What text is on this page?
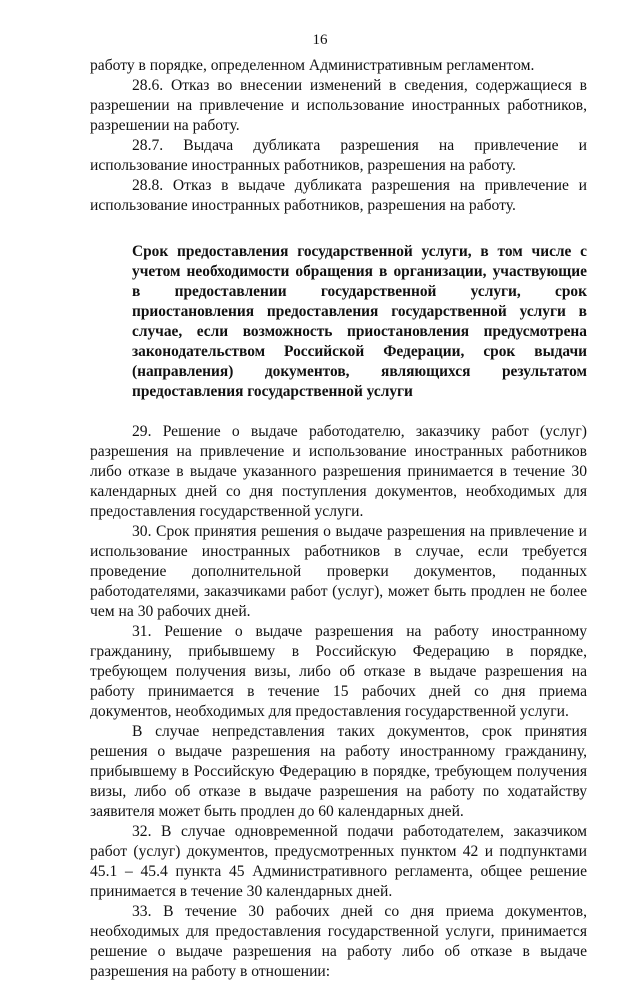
16

работу в порядке, определенном Административным регламентом.

28.6. Отказ во внесении изменений в сведения, содержащиеся в разрешении на привлечение и использование иностранных работников, разрешении на работу.

28.7. Выдача дубликата разрешения на привлечение и использование иностранных работников, разрешения на работу.

28.8. Отказ в выдаче дубликата разрешения на привлечение и использование иностранных работников, разрешения на работу.

Срок предоставления государственной услуги, в том числе с учетом необходимости обращения в организации, участвующие в предоставлении государственной услуги, срок приостановления предоставления государственной услуги в случае, если возможность приостановления предусмотрена законодательством Российской Федерации, срок выдачи (направления) документов, являющихся результатом предоставления государственной услуги

29. Решение о выдаче работодателю, заказчику работ (услуг) разрешения на привлечение и использование иностранных работников либо отказе в выдаче указанного разрешения принимается в течение 30 календарных дней со дня поступления документов, необходимых для предоставления государственной услуги.

30. Срок принятия решения о выдаче разрешения на привлечение и использование иностранных работников в случае, если требуется проведение дополнительной проверки документов, поданных работодателями, заказчиками работ (услуг), может быть продлен не более чем на 30 рабочих дней.

31. Решение о выдаче разрешения на работу иностранному гражданину, прибывшему в Российскую Федерацию в порядке, требующем получения визы, либо об отказе в выдаче разрешения на работу принимается в течение 15 рабочих дней со дня приема документов, необходимых для предоставления государственной услуги.

В случае непредставления таких документов, срок принятия решения о выдаче разрешения на работу иностранному гражданину, прибывшему в Российскую Федерацию в порядке, требующем получения визы, либо об отказе в выдаче разрешения на работу по ходатайству заявителя может быть продлен до 60 календарных дней.

32. В случае одновременной подачи работодателем, заказчиком работ (услуг) документов, предусмотренных пунктом 42 и подпунктами 45.1 – 45.4 пункта 45 Административного регламента, общее решение принимается в течение 30 календарных дней.

33. В течение 30 рабочих дней со дня приема документов, необходимых для предоставления государственной услуги, принимается решение о выдаче разрешения на работу либо об отказе в выдаче разрешения на работу в отношении:
